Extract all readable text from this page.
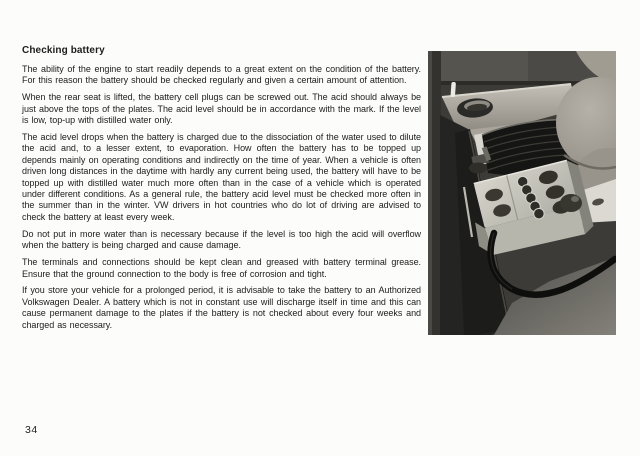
Checking battery

The ability of the engine to start readily depends to a great extent on the condition of the battery. For this reason the battery should be checked regularly and given a certain amount of attention.

When the rear seat is lifted, the battery cell plugs can be screwed out. The acid should always be just above the tops of the plates. The acid level should be in accordance with the mark. If the level is low, top-up with distilled water only.

The acid level drops when the battery is charged due to the dissociation of the water used to dilute the acid and, to a lesser extent, to evaporation. How often the battery has to be topped up depends mainly on operating conditions and indirectly on the time of year. When a vehicle is often driven long distances in the daytime with hardly any current being used, the battery will have to be topped up with distilled water much more often than in the case of a vehicle which is operated under different conditions. As a general rule, the battery acid level must be checked more often in the summer than in the winter. VW drivers in hot countries who do lot of driving are advised to check the battery at least every week.

Do not put in more water than is necessary because if the level is too high the acid will overflow when the battery is being charged and cause damage.

The terminals and connections should be kept clean and greased with battery terminal grease. Ensure that the ground connection to the body is free of corrosion and tight.

If you store your vehicle for a prolonged period, it is advisable to take the battery to an Authorized Volkswagen Dealer. A battery which is not in constant use will discharge itself in time and this can cause permanent damage to the plates if the battery is not checked about every four weeks and charged as necessary.

34
